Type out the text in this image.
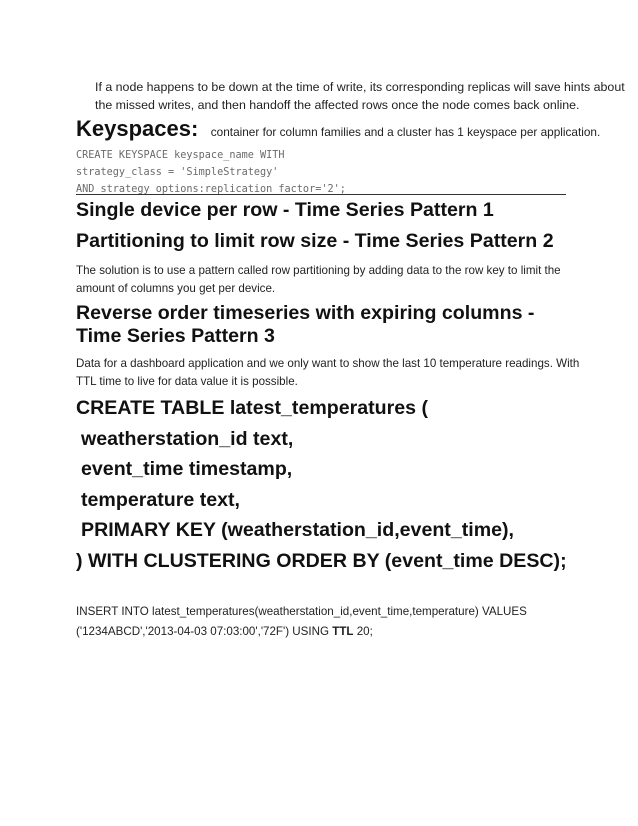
If a node happens to be down at the time of write, its corresponding replicas will save hints about
the missed writes, and then handoff the affected rows once the node comes back online.

Keyspaces: container for column families and a cluster has 1 keyspace per application.
CREATE KEYSPACE keyspace_name WITH
strategy_class = 'SimpleStrategy'
AND strategy_options:replication_factor='2';
Single device per row - Time Series Pattern 1
Partitioning to limit row size - Time Series Pattern 2

The solution is to use a pattern called row partitioning by adding data to the row key to limit the
amount of columns you get per device.

Reverse order timeseries with expiring columns -
Time Series Pattern 3

Data for a dashboard application and we only want to show the last 10 temperature readings. With
TTL time to live for data value it is possible.

CREATE TABLE latest_temperatures (
weatherstation_id text,
event_time timestamp,
temperature text,
PRIMARY KEY (weatherstation_id,event_time),
) WITH CLUSTERING ORDER BY (event_time DESC);

INSERT INTO latest_temperatures(weatherstation_id,event_time,temperature) VALUES
('1234ABCD','2013-04-03 07:03:00','72F') USING TTL 20;
